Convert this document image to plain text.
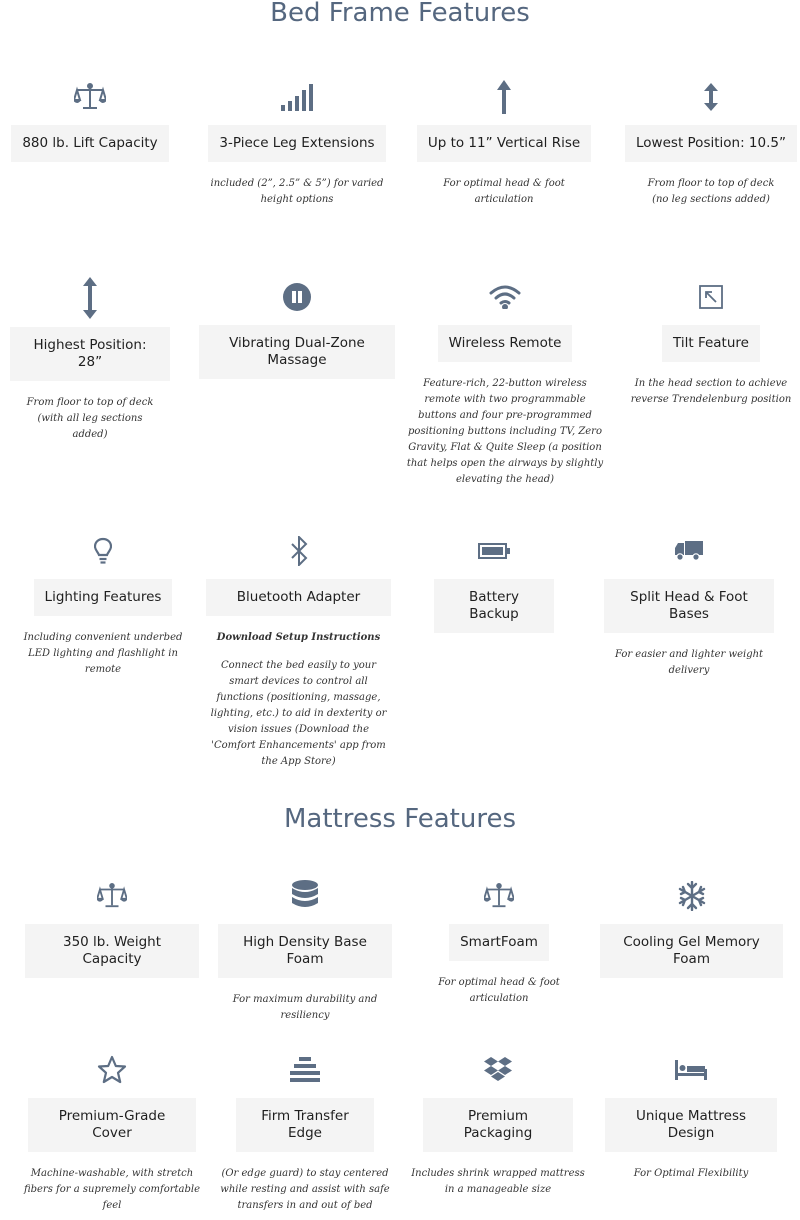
Bed Frame Features
880 lb. Lift Capacity	3-Piece Leg Extensions
included (2”, 2.5” & 5”) for varied height options
Up to 11” Vertical Rise
For optimal head & foot articulation
Lowest Position: 10.5”
From floor to top of deck (no leg sections added)
Highest Position: 28”
From floor to top of deck (with all leg sections added)
Vibrating Dual-Zone Massage
Wireless Remote
Feature-rich, 22-button wireless remote with two programmable buttons and four pre-programmed positioning buttons including TV, Zero Gravity, Flat & Quite Sleep (a position that helps open the airways by slightly elevating the head)
Tilt Feature
In the head section to achieve reverse Trendelenburg position
Lighting Features
Including convenient underbed LED lighting and flashlight in remote
Bluetooth Adapter
Download Setup Instructions
Connect the bed easily to your smart devices to control all functions (positioning, massage, lighting, etc.) to aid in dexterity or vision issues (Download the 'Comfort Enhancements' app from the App Store)
Battery Backup
Split Head & Foot Bases
For easier and lighter weight delivery
Mattress Features
350 lb. Weight Capacity
High Density Base Foam
For maximum durability and resiliency
SmartFoam
For optimal head & foot articulation
Cooling Gel Memory Foam
Premium-Grade Cover
Machine-washable, with stretch fibers for a supremely comfortable feel
Firm Transfer Edge
(Or edge guard) to stay centered while resting and assist with safe transfers in and out of bed
Premium Packaging
Includes shrink wrapped mattress in a manageable size
Unique Mattress Design
For Optimal Flexibility
